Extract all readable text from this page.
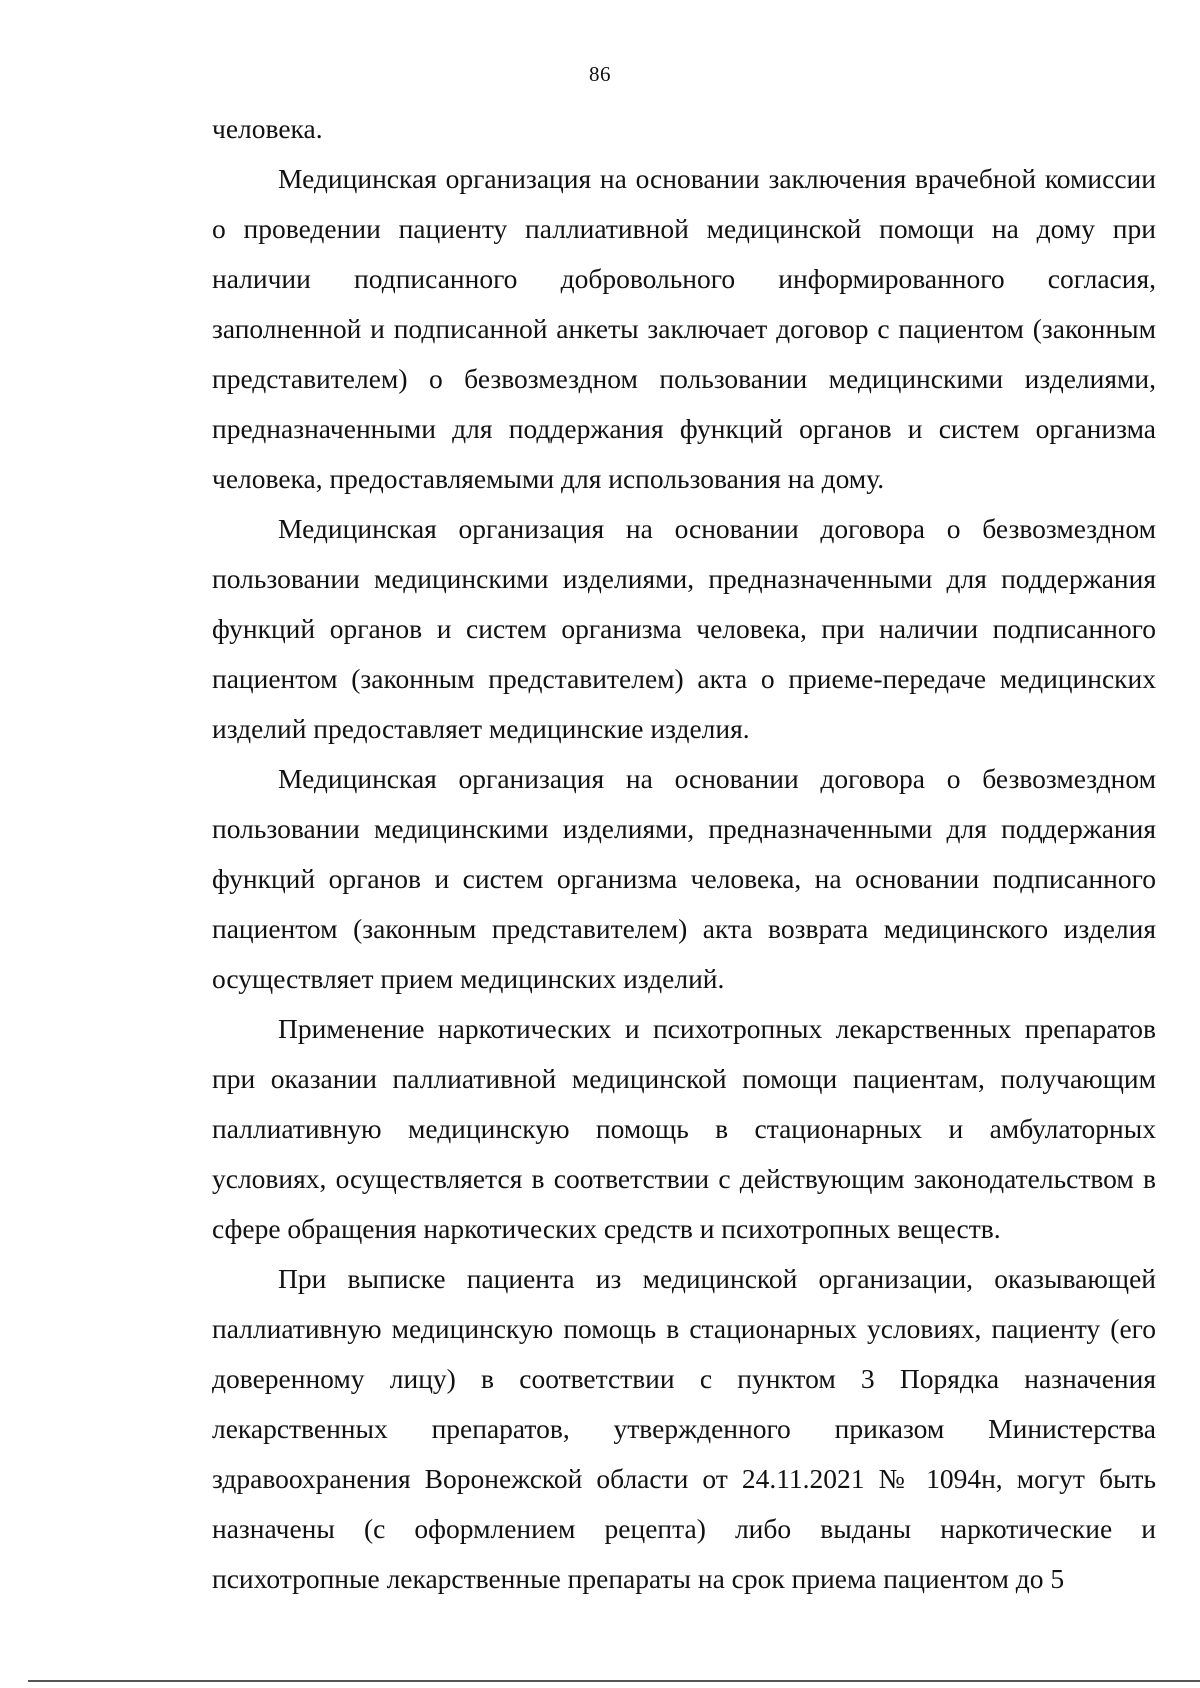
86

человека.

Медицинская организация на основании заключения врачебной комиссии о проведении пациенту паллиативной медицинской помощи на дому при наличии подписанного добровольного информированного согласия, заполненной и подписанной анкеты заключает договор с пациентом (законным представителем) о безвозмездном пользовании медицинскими изделиями, предназначенными для поддержания функций органов и систем организма человека, предоставляемыми для использования на дому.

Медицинская организация на основании договора о безвозмездном пользовании медицинскими изделиями, предназначенными для поддержания функций органов и систем организма человека, при наличии подписанного пациентом (законным представителем) акта о приеме-передаче медицинских изделий предоставляет медицинские изделия.

Медицинская организация на основании договора о безвозмездном пользовании медицинскими изделиями, предназначенными для поддержания функций органов и систем организма человека, на основании подписанного пациентом (законным представителем) акта возврата медицинского изделия осуществляет прием медицинских изделий.

Применение наркотических и психотропных лекарственных препаратов при оказании паллиативной медицинской помощи пациентам, получающим паллиативную медицинскую помощь в стационарных и амбулаторных условиях, осуществляется в соответствии с действующим законодательством в сфере обращения наркотических средств и психотропных веществ.

При выписке пациента из медицинской организации, оказывающей паллиативную медицинскую помощь в стационарных условиях, пациенту (его доверенному лицу) в соответствии с пунктом 3 Порядка назначения лекарственных препаратов, утвержденного приказом Министерства здравоохранения Воронежской области от 24.11.2021 № 1094н, могут быть назначены (с оформлением рецепта) либо выданы наркотические и психотропные лекарственные препараты на срок приема пациентом до 5
